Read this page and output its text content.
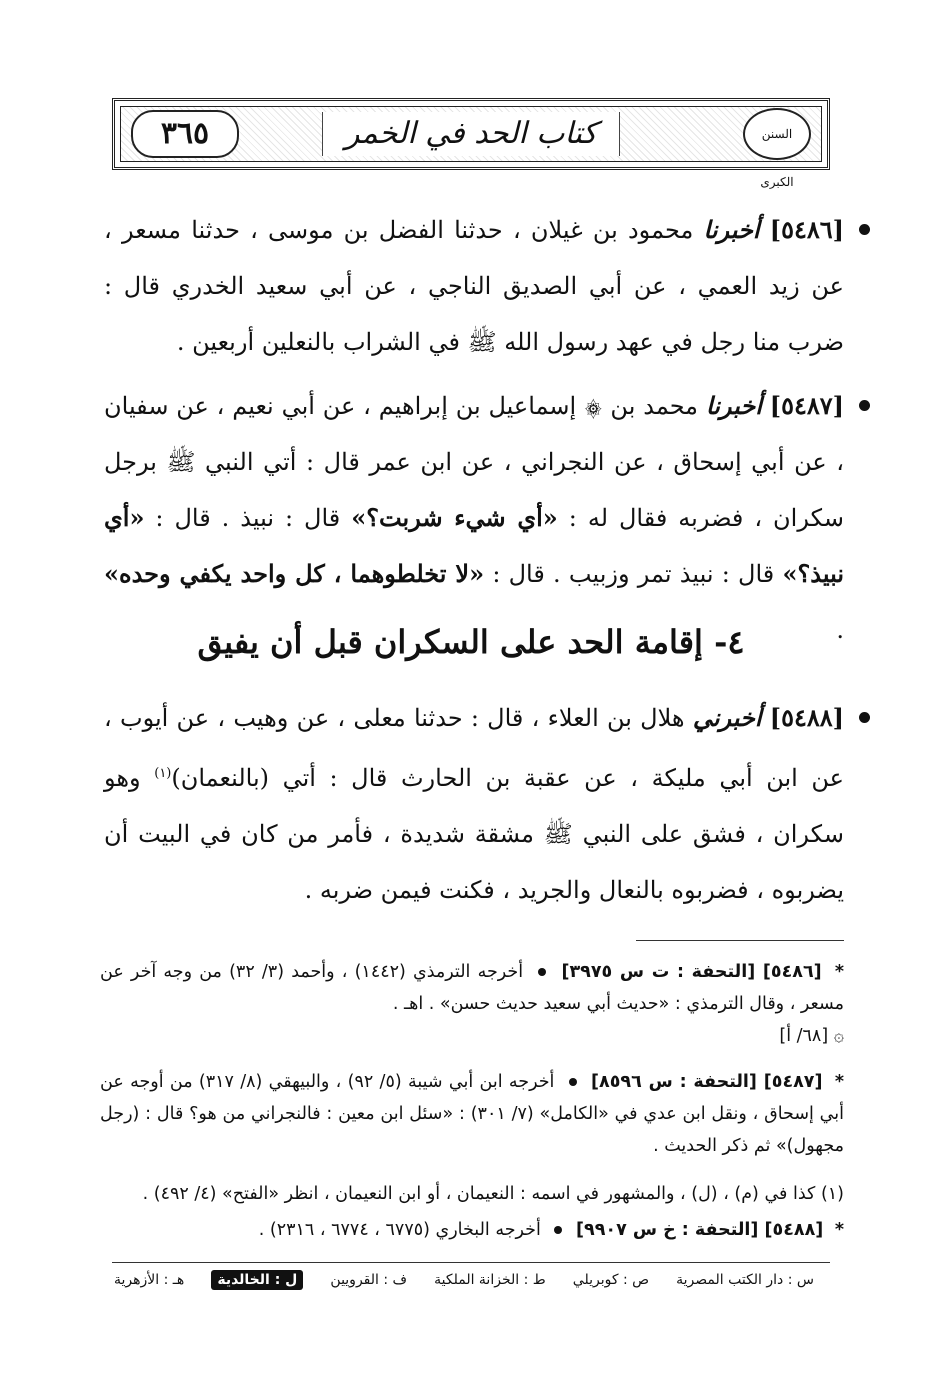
السنن الكبرى
كتاب الحد في الخمر
٣٦٥
[٥٤٨٦] أخبرنا محمود بن غيلان ، حدثنا الفضل بن موسى ، حدثنا مسعر ، عن زيد العمي ، عن أبي الصديق الناجي ، عن أبي سعيد الخدري قال : ضرب منا رجل في عهد رسول الله ﷺ في الشراب بالنعلين أربعين .
[٥٤٨٧] أخبرنا محمد بن ۞ إسماعيل بن إبراهيم ، عن أبي نعيم ، عن سفيان ، عن أبي إسحاق ، عن النجراني ، عن ابن عمر قال : أتي النبي ﷺ برجل سكران ، فضربه فقال له : «أي شيء شربت؟» قال : نبيذ . قال : «أي نبيذ؟» قال : نبيذ تمر وزبيب . قال : «لا تخلطوهما ، كل واحد يكفي وحده» .
٤- إقامة الحد على السكران قبل أن يفيق
[٥٤٨٨] أخبرني هلال بن العلاء ، قال : حدثنا معلى ، عن وهيب ، عن أيوب ، عن ابن أبي مليكة ، عن عقبة بن الحارث قال : أتي (بالنعمان)$^{(١)}$ وهو سكران ، فشق على النبي ﷺ مشقة شديدة ، فأمر من كان في البيت أن يضربوه ، فضربوه بالنعال والجريد ، فكنت فيمن ضربه .
* [٥٤٨٦] [التحفة : ت س ٣٩٧٥]  أخرجه الترمذي (١٤٤٢) ، وأحمد (٣/ ٣٢) من وجه آخر عن مسعر ، وقال الترمذي : «حديث أبي سعيد حديث حسن» . اهـ .
۞ [٦٨/ أ]
* [٥٤٨٧] [التحفة : س ٨٥٩٦]  أخرجه ابن أبي شيبة (٥/ ٩٢) ، والبيهقي (٨/ ٣١٧) من أوجه عن أبي إسحاق ، ونقل ابن عدي في «الكامل» (٧/ ٣٠١) : «سئل ابن معين : فالنجراني من هو؟ قال : (رجل مجهول)» ثم ذكر الحديث .
(١) كذا في (م) ، (ل) ، والمشهور في اسمه : النعيمان ، أو ابن النعيمان ، انظر «الفتح» (٤/ ٤٩٢) .
* [٥٤٨٨] [التحفة : خ س ٩٩٠٧]  أخرجه البخاري (٦٧٧٥ ، ٦٧٧٤ ، ٢٣١٦) .
س : دار الكتب المصرية
ص : كوبريلي
ط : الخزانة الملكية
ف : القرويين
ل : الخالدية
هـ : الأزهرية
